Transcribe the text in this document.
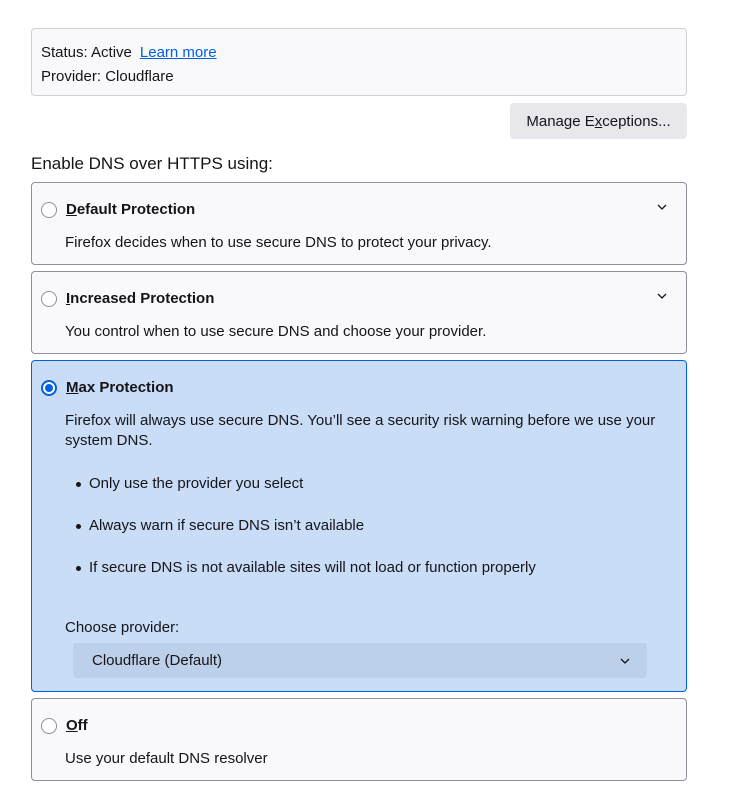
Status: Active Learn more
Provider: Cloudflare
Manage Exceptions...
Enable DNS over HTTPS using:
Default Protection
Firefox decides when to use secure DNS to protect your privacy.
Increased Protection
You control when to use secure DNS and choose your provider.
Max Protection
Firefox will always use secure DNS. You’ll see a security risk warning before we use your system DNS.
Only use the provider you select
Always warn if secure DNS isn’t available
If secure DNS is not available sites will not load or function properly
Choose provider:
Cloudflare (Default)
Off
Use your default DNS resolver
